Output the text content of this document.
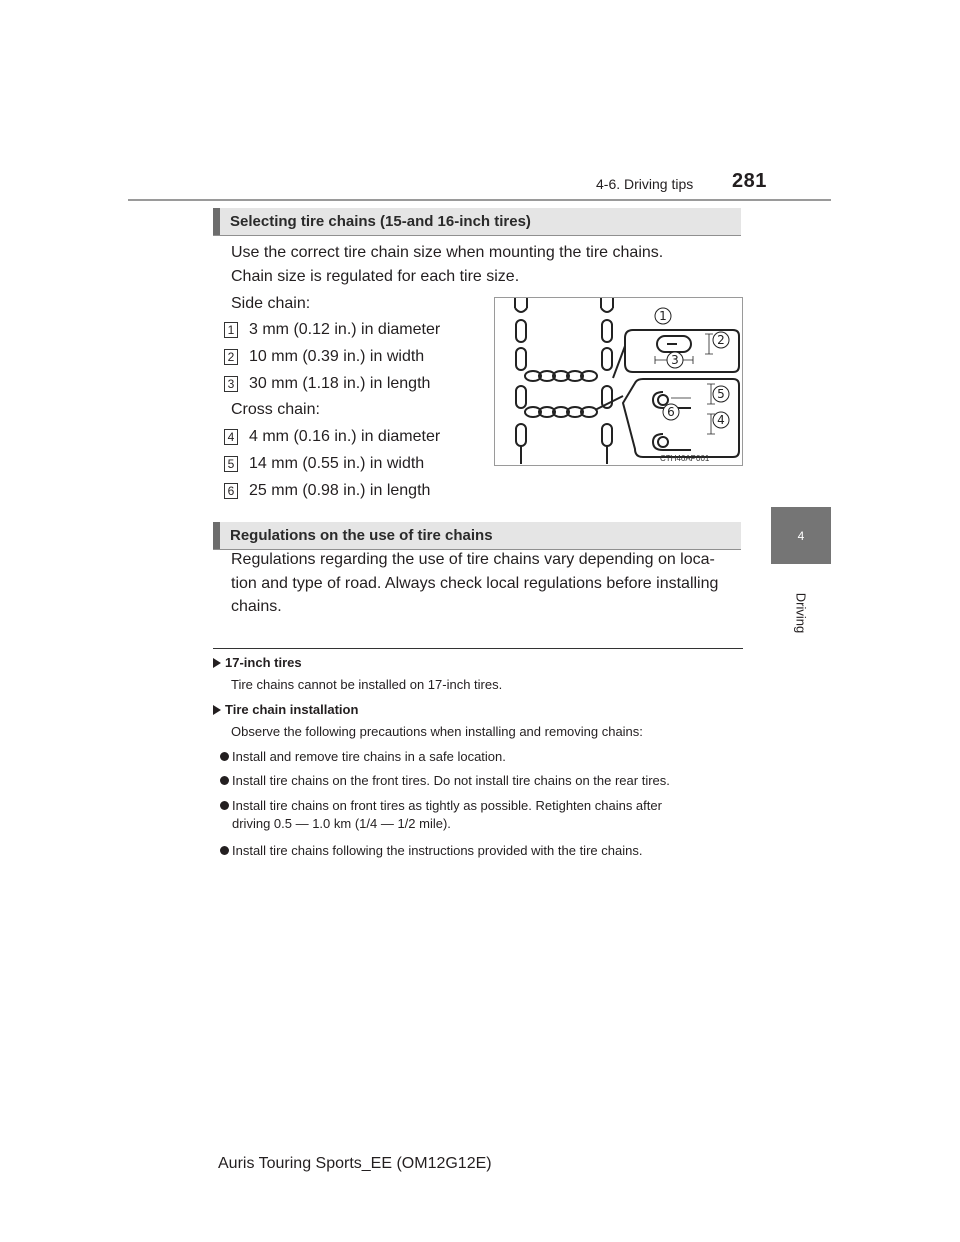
4-6. Driving tips 281
4
Driving
Selecting tire chains (15-and 16-inch tires)
Use the correct tire chain size when mounting the tire chains.
Chain size is regulated for each tire size.
Side chain:
1 3 mm (0.12 in.) in diameter
2 10 mm (0.39 in.) in width
3 30 mm (1.18 in.) in length
Cross chain:
4 4 mm (0.16 in.) in diameter
5 14 mm (0.55 in.) in width
6 25 mm (0.98 in.) in length
1
2
3
5
6
4
CTH46AP001
Regulations on the use of tire chains
Regulations regarding the use of tire chains vary depending on loca-
tion and type of road. Always check local regulations before installing
chains.
17-inch tires
Tire chains cannot be installed on 17-inch tires.
Tire chain installation
Observe the following precautions when installing and removing chains:
Install and remove tire chains in a safe location.
Install tire chains on the front tires. Do not install tire chains on the rear tires.
Install tire chains on front tires as tightly as possible. Retighten chains after
driving 0.5 — 1.0 km (1/4 — 1/2 mile).
Install tire chains following the instructions provided with the tire chains.
Auris Touring Sports_EE (OM12G12E)
